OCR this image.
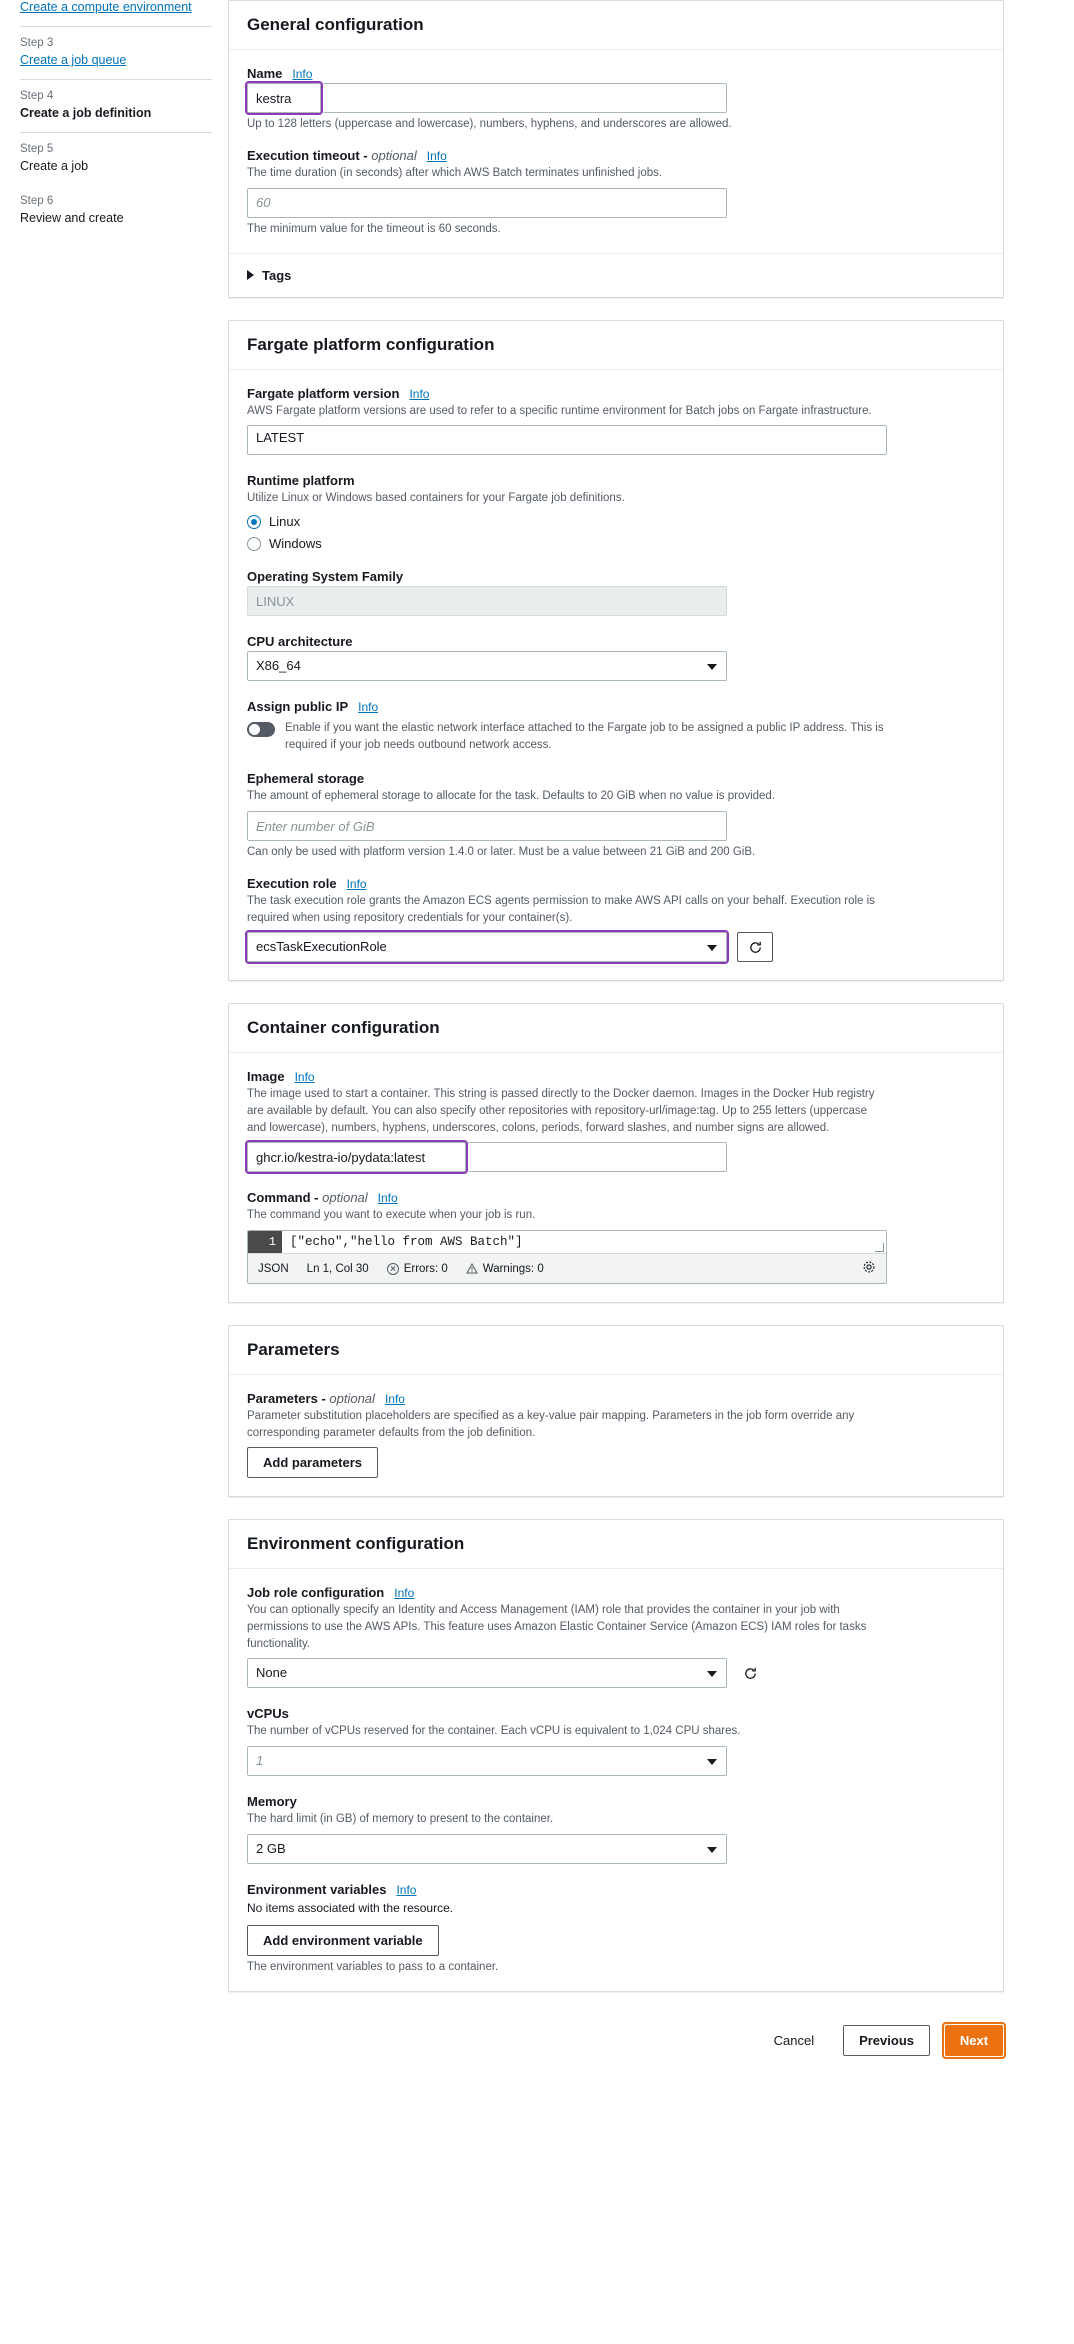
Create a compute environment
Step 3
Create a job queue
Step 4
Create a job definition
Step 5
Create a job
Step 6
Review and create
General configuration
Name Info
kestra
Up to 128 letters (uppercase and lowercase), numbers, hyphens, and underscores are allowed.
Execution timeout - optional Info
The time duration (in seconds) after which AWS Batch terminates unfinished jobs.
60
The minimum value for the timeout is 60 seconds.
Tags
Fargate platform configuration
Fargate platform version Info
AWS Fargate platform versions are used to refer to a specific runtime environment for Batch jobs on Fargate infrastructure.
LATEST
Runtime platform
Utilize Linux or Windows based containers for your Fargate job definitions.
Linux
Windows
Operating System Family
LINUX
CPU architecture
X86_64
Assign public IP Info
Enable if you want the elastic network interface attached to the Fargate job to be assigned a public IP address. This is required if your job needs outbound network access.
Ephemeral storage
The amount of ephemeral storage to allocate for the task. Defaults to 20 GiB when no value is provided.
Enter number of GiB
Can only be used with platform version 1.4.0 or later. Must be a value between 21 GiB and 200 GiB.
Execution role Info
The task execution role grants the Amazon ECS agents permission to make AWS API calls on your behalf. Execution role is required when using repository credentials for your container(s).
ecsTaskExecutionRole
Container configuration
Image Info
The image used to start a container. This string is passed directly to the Docker daemon. Images in the Docker Hub registry are available by default. You can also specify other repositories with repository-url/image:tag. Up to 255 letters (uppercase and lowercase), numbers, hyphens, underscores, colons, periods, forward slashes, and number signs are allowed.
ghcr.io/kestra-io/pydata:latest
Command - optional Info
The command you want to execute when your job is run.
1	["echo","hello from AWS Batch"]
JSON Ln 1, Col 30	Errors: 0	Warnings: 0
Parameters
Parameters - optional Info
Parameter substitution placeholders are specified as a key-value pair mapping. Parameters in the job form override any corresponding parameter defaults from the job definition.
Add parameters
Environment configuration
Job role configuration Info
You can optionally specify an Identity and Access Management (IAM) role that provides the container in your job with permissions to use the AWS APIs. This feature uses Amazon Elastic Container Service (Amazon ECS) IAM roles for tasks functionality.
None
vCPUs
The number of vCPUs reserved for the container. Each vCPU is equivalent to 1,024 CPU shares.
1
Memory
The hard limit (in GB) of memory to present to the container.
2 GB
Environment variables Info
No items associated with the resource.
Add environment variable
The environment variables to pass to a container.
Cancel	Previous	Next
